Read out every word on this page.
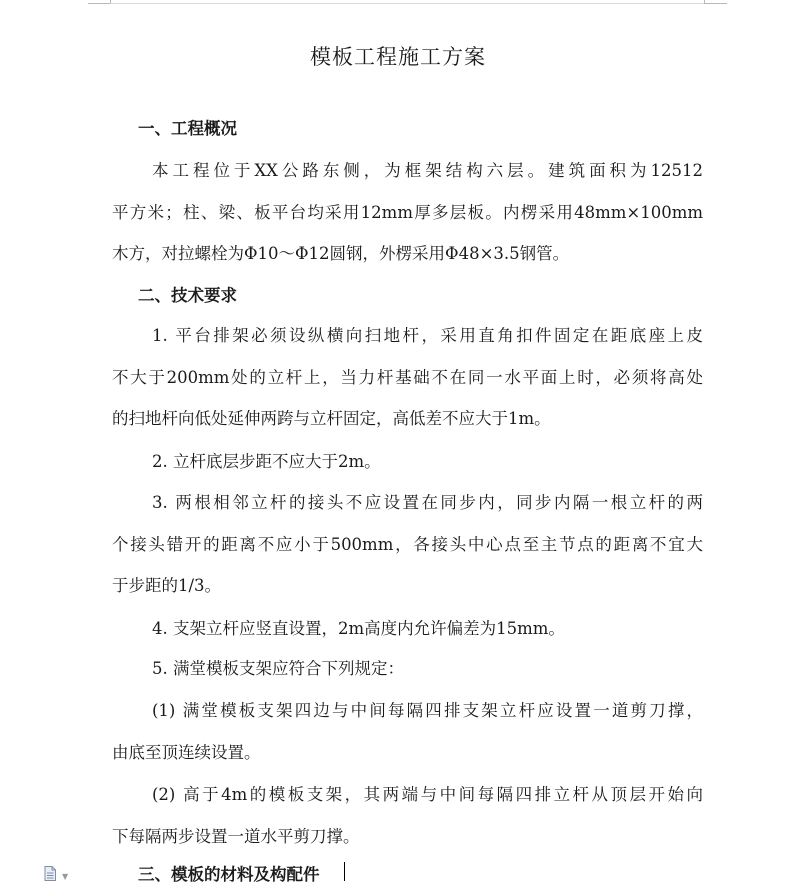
模板工程施工方案
一、工程概况
本工程位于XX公路东侧，为框架结构六层。建筑面积为12512
平方米；柱、梁、板平台均采用12mm厚多层板。内楞采用48mm×100mm
木方，对拉螺栓为Φ10～Φ12圆钢，外楞采用Φ48×3.5钢管。
二、技术要求
1. 平台排架必须设纵横向扫地杆，采用直角扣件固定在距底座上皮
不大于200mm处的立杆上，当力杆基础不在同一水平面上时，必须将高处
的扫地杆向低处延伸两跨与立杆固定，高低差不应大于1m。
2. 立杆底层步距不应大于2m。
3. 两根相邻立杆的接头不应设置在同步内，同步内隔一根立杆的两
个接头错开的距离不应小于500mm，各接头中心点至主节点的距离不宜大
于步距的1/3。
4. 支架立杆应竖直设置，2m高度内允许偏差为15mm。
5. 满堂模板支架应符合下列规定：
(1) 满堂模板支架四边与中间每隔四排支架立杆应设置一道剪刀撑，
由底至顶连续设置。
(2) 高于4m的模板支架，其两端与中间每隔四排立杆从顶层开始向
下每隔两步设置一道水平剪刀撑。
三、模板的材料及构配件
▼
